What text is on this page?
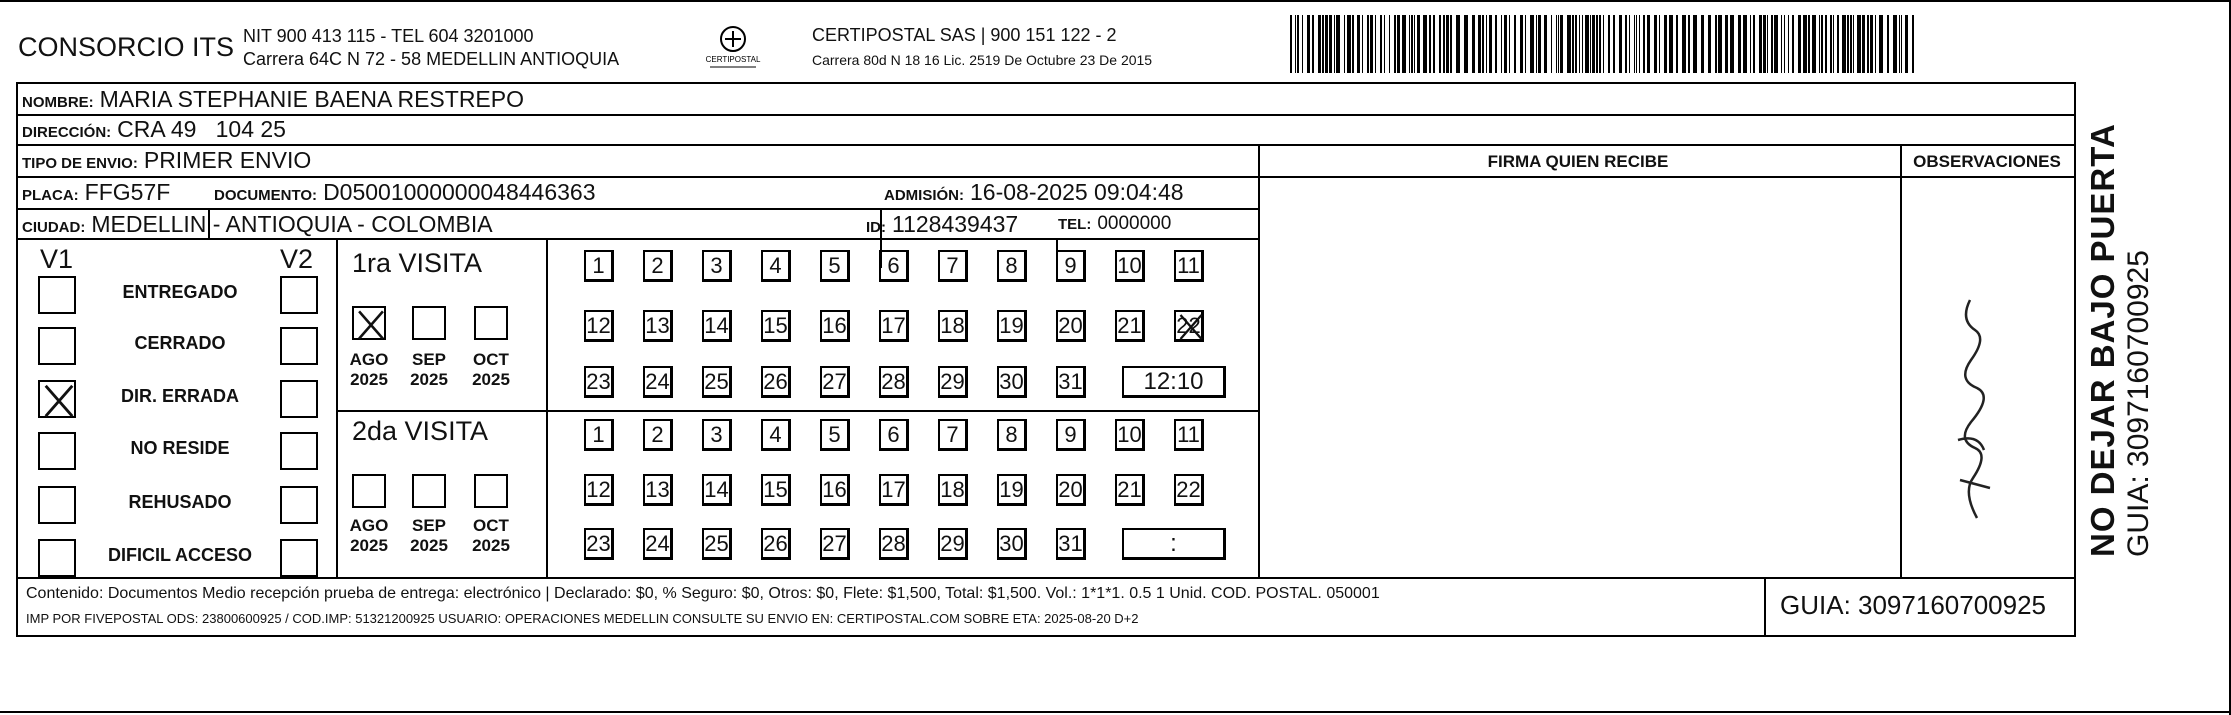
CONSORCIO ITS NIT 900 413 115 - TEL 604 3201000
Carrera 64C N 72 - 58 MEDELLIN ANTIOQUIA	CERTIPOSTAL
CERTIPOSTAL SAS | 900 151 122 - 2
Carrera 80d N 18 16 Lic. 2519 De Octubre 23 De 2015
NOMBRE: MARIA STEPHANIE BAENA RESTREPO
DIRECCIÓN: CRA 49   104 25
TIPO DE ENVIO: PRIMER ENVIO	FIRMA QUIEN RECIBE	OBSERVACIONES
PLACA: FFG57F	DOCUMENTO: D05001000000048446363	ADMISIÓN: 16-08-2025 09:04:48
CIUDAD: MEDELLIN - ANTIOQUIA - COLOMBIA	ID: 1128439437	TEL: 0000000
V1	V2
ENTREGADO
CERRADO
DIR. ERRADA
NO RESIDE
REHUSADO
DIFICIL ACCESO
1ra VISITA
2da VISITA
1	2	3	4	5	6	7	8	9	10 11
12 13 14 15 16 17 18 19 20 21 22
23 24 25 26 27 28 29 30 31	12:10
1	2	3	4	5	6	7	8	9	10 11
12 13 14 15 16 17 18 19 20 21 22
23 24 25 26 27 28 29 30 31	:
AGO
2025
SEP
2025
OCT
2025
AGO
2025
SEP
2025
OCT
2025
Contenido: Documentos Medio recepción prueba de entrega: electrónico | Declarado: $0, % Seguro: $0, Otros: $0, Flete: $1,500, Total: $1,500. Vol.: 1*1*1. 0.5 1 Unid. COD. POSTAL. 050001
IMP POR FIVEPOSTAL ODS: 23800600925 / COD.IMP: 51321200925 USUARIO: OPERACIONES MEDELLIN CONSULTE SU ENVIO EN: CERTIPOSTAL.COM SOBRE ETA: 2025-08-20 D+2	GUIA: 3097160700925
NO DEJAR BAJO PUERTA GUIA: 3097160700925
